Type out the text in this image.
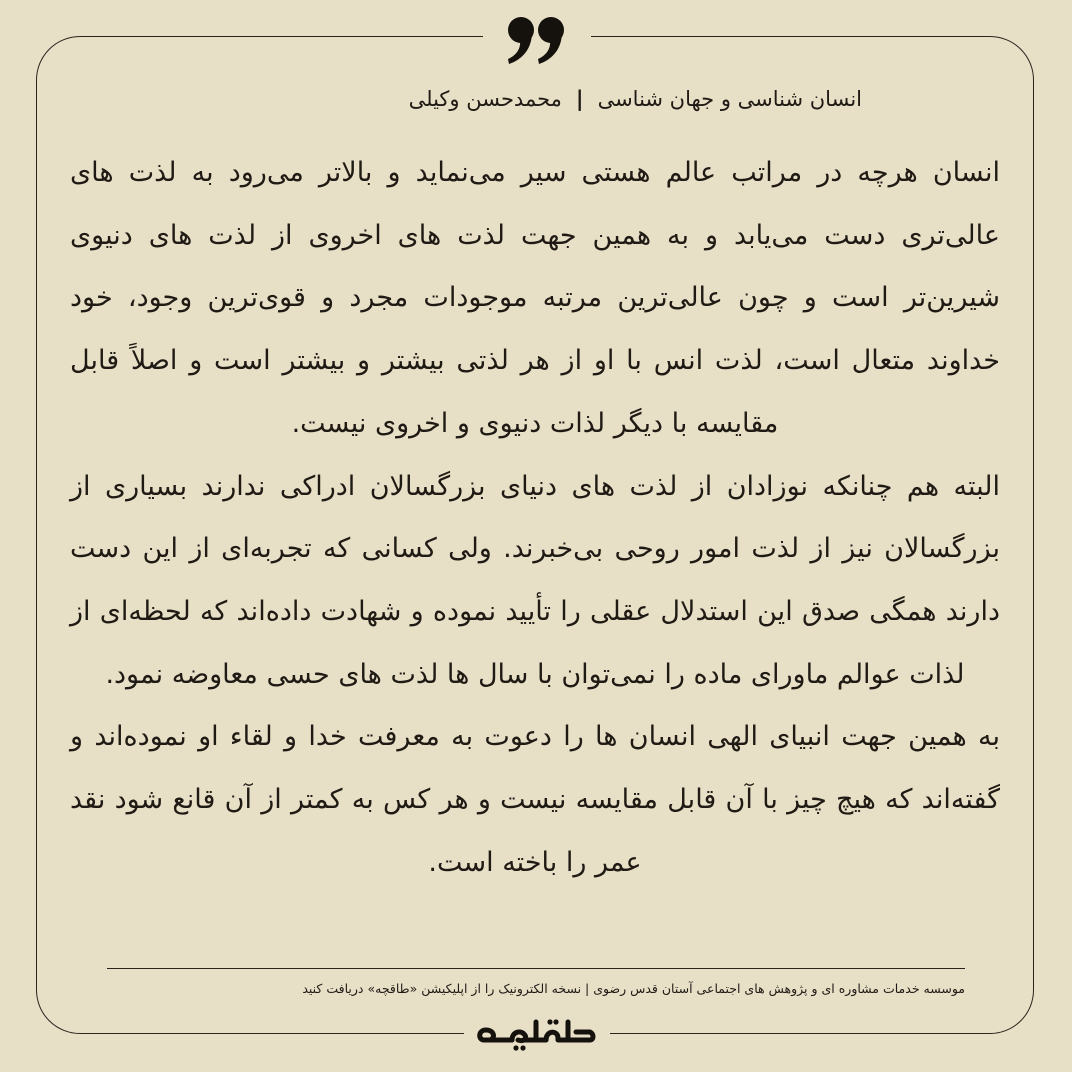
انسان شناسی و جهان شناسی|محمدحسن وکیلی

انسان هرچه در مراتب عالم هستی سیر می‌نماید و بالاتر می‌رود به لذت های عالی‌تری دست می‌یابد و به همین جهت لذت های اخروی از لذت های دنیوی شیرین‌تر است و چون عالی‌ترین مرتبه موجودات مجرد و قوی‌ترین وجود، خود خداوند متعال است، لذت انس با او از هر لذتی بیشتر و بیشتر است و اصلاً قابل مقایسه با دیگر لذات دنیوی و اخروی نیست.

البته هم چنانکه نوزادان از لذت های دنیای بزرگسالان ادراکی ندارند بسیاری از بزرگسالان نیز از لذت امور روحی بی‌خبرند. ولی کسانی که تجربه‌ای از این دست دارند همگی صدق این استدلال عقلی را تأیید نموده و شهادت داده‌اند که لحظه‌ای از لذات عوالم ماورای ماده را نمی‌توان با سال ها لذت های حسی معاوضه نمود.

به همین جهت انبیای الهی انسان ها را دعوت به معرفت خدا و لقاء او نموده‌اند و گفته‌اند که هیچ چیز با آن قابل مقایسه نیست و هر کس به کمتر از آن قانع شود نقد عمر را باخته است.

موسسه خدمات مشاوره ای و پژوهش های اجتماعی آستان قدس رضوی | نسخه الکترونیک را از اپلیکیشن «طاقچه» دریافت کنید
